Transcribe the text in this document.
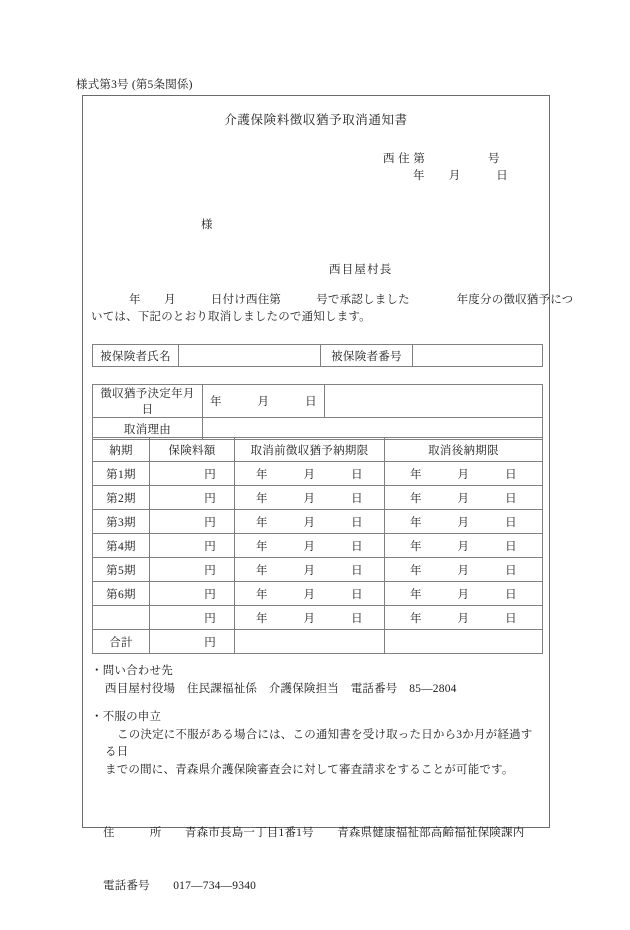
様式第3号 (第5条関係)
介護保険料徴収猶予取消通知書
西 住 第　　　　　 号
年　　月　　　日
様
西目屋村長
年　　月　　　日付け西住第　　　号で承認しました　　　　年度分の徴収猶予につ
いては、下記のとおり取消しましたので通知します。
被保険者氏名		被保険者番号	
徴収猶予決定年月日	年　　　月　　　日	

取消理由		
納期	保険料額	取消前徴収猶予納期限	取消後納期限
第1期	円	年　　　月　　　日	年　　　月　　　日

第2期	円	年　　　月　　　日	年　　　月　　　日

第3期	円	年　　　月　　　日	年　　　月　　　日

第4期	円	年　　　月　　　日	年　　　月　　　日

第5期	円	年　　　月　　　日	年　　　月　　　日

第6期	円	年　　　月　　　日	年　　　月　　　日

	円	年　　　月　　　日	年　　　月　　　日

合計	円		

・問い合わせ先
西目屋村役場　住民課福祉係　介護保険担当　電話番号　85—2804
・不服の申立
この決定に不服がある場合には、この通知書を受け取った日から3か月が経過する日
までの間に、青森県介護保険審査会に対して審査請求をすることが可能です。

住　　　所　　青森市長島一丁目1番1号　　青森県健康福祉部高齢福祉保険課内

電話番号　　017—734—9340
